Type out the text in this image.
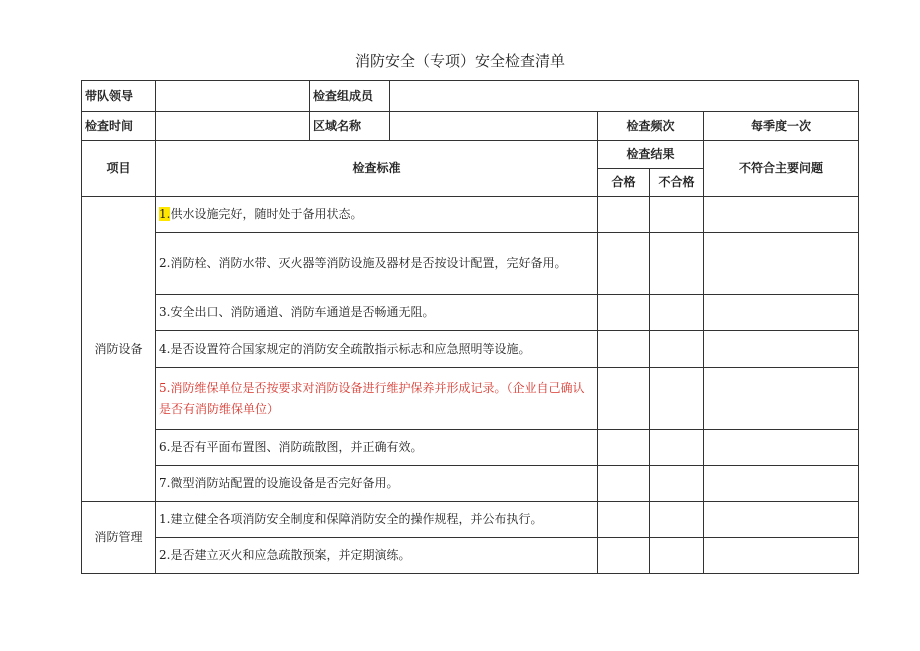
消防安全（专项）安全检查清单
带队领导		检查组成员				
检查时间		区域名称		检查频次		每季度一次
项目	检查标准			检查结果		不符合主要问题
				合格	不合格	
消防设备	1.供水设施完好，随时处于备用状态。					
	2.消防栓、消防水带、灭火器等消防设施及器材是否按设计配置，完好备用。					
	3.安全出口、消防通道、消防车通道是否畅通无阻。					
	4.是否设置符合国家规定的消防安全疏散指示标志和应急照明等设施。					
	5.消防维保单位是否按要求对消防设备进行维护保养并形成记录。（企业自己确认是否有消防维保单位）					
	6.是否有平面布置图、消防疏散图，并正确有效。					
	7.微型消防站配置的设施设备是否完好备用。					
消防管理	1.建立健全各项消防安全制度和保障消防安全的操作规程，并公布执行。					
	2.是否建立灭火和应急疏散预案，并定期演练。					
